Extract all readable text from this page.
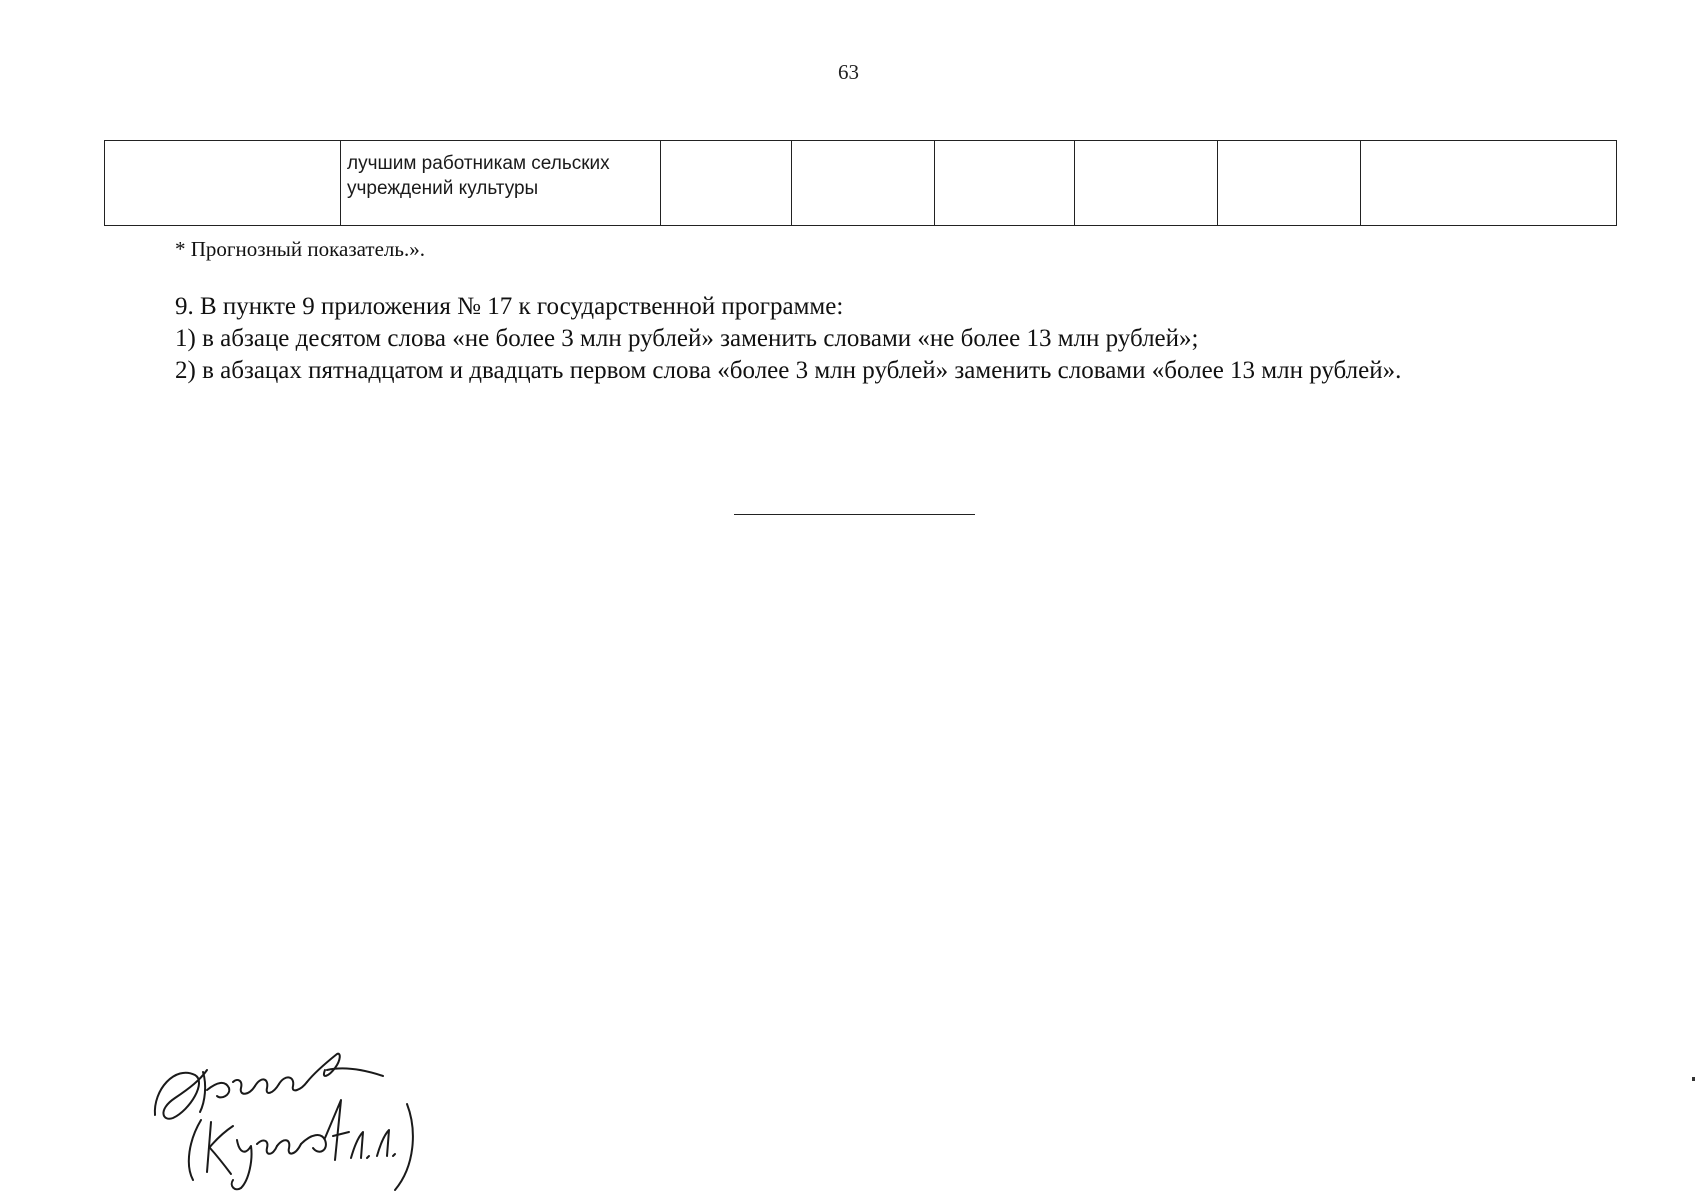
63
	лучшим работникам сельских учреждений культуры						
* Прогнозный показатель.».

9. В пункте 9 приложения № 17 к государственной программе:

1) в абзаце десятом слова «не более 3 млн рублей» заменить словами «не более 13 млн рублей»;

2) в абзацах пятнадцатом и двадцать первом слова «более 3 млн рублей» заменить словами «более 13 млн рублей».
